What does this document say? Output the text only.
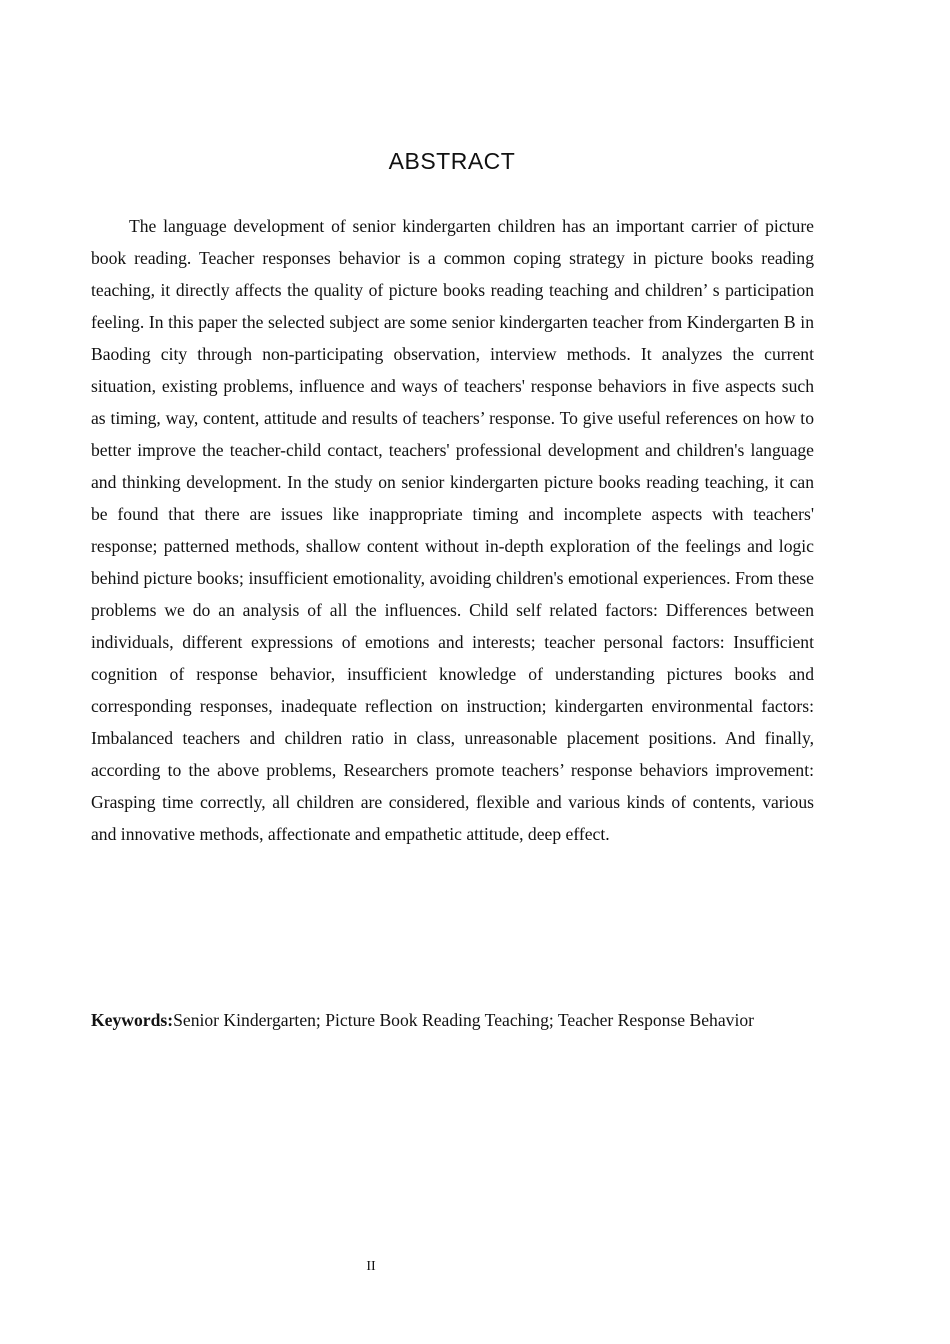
ABSTRACT

The language development of senior kindergarten children has an important carrier of picture book reading. Teacher responses behavior is a common coping strategy in picture books reading teaching, it directly affects the quality of picture books reading teaching and children’ s participation feeling. In this paper the selected subject are some senior kindergarten teacher from Kindergarten B in Baoding city through non-participating observation, interview methods. It analyzes the current situation, existing problems, influence and ways of teachers' response behaviors in five aspects such as timing, way, content, attitude and results of teachers’ response. To give useful references on how to better improve the teacher-child contact, teachers' professional development and children's language and thinking development. In the study on senior kindergarten picture books reading teaching, it can be found that there are issues like inappropriate timing and incomplete aspects with teachers' response; patterned methods, shallow content without in-depth exploration of the feelings and logic behind picture books; insufficient emotionality, avoiding children's emotional experiences. From these problems we do an analysis of all the influences. Child self related factors: Differences between individuals, different expressions of emotions and interests; teacher personal factors: Insufficient cognition of response behavior, insufficient knowledge of understanding pictures books and corresponding responses, inadequate reflection on instruction; kindergarten environmental factors: Imbalanced teachers and children ratio in class, unreasonable placement positions. And finally, according to the above problems, Researchers promote teachers’ response behaviors improvement: Grasping time correctly, all children are considered, flexible and various kinds of contents, various and innovative methods, affectionate and empathetic attitude, deep effect.

Keywords:Senior Kindergarten; Picture Book Reading Teaching; Teacher Response Behavior

II
